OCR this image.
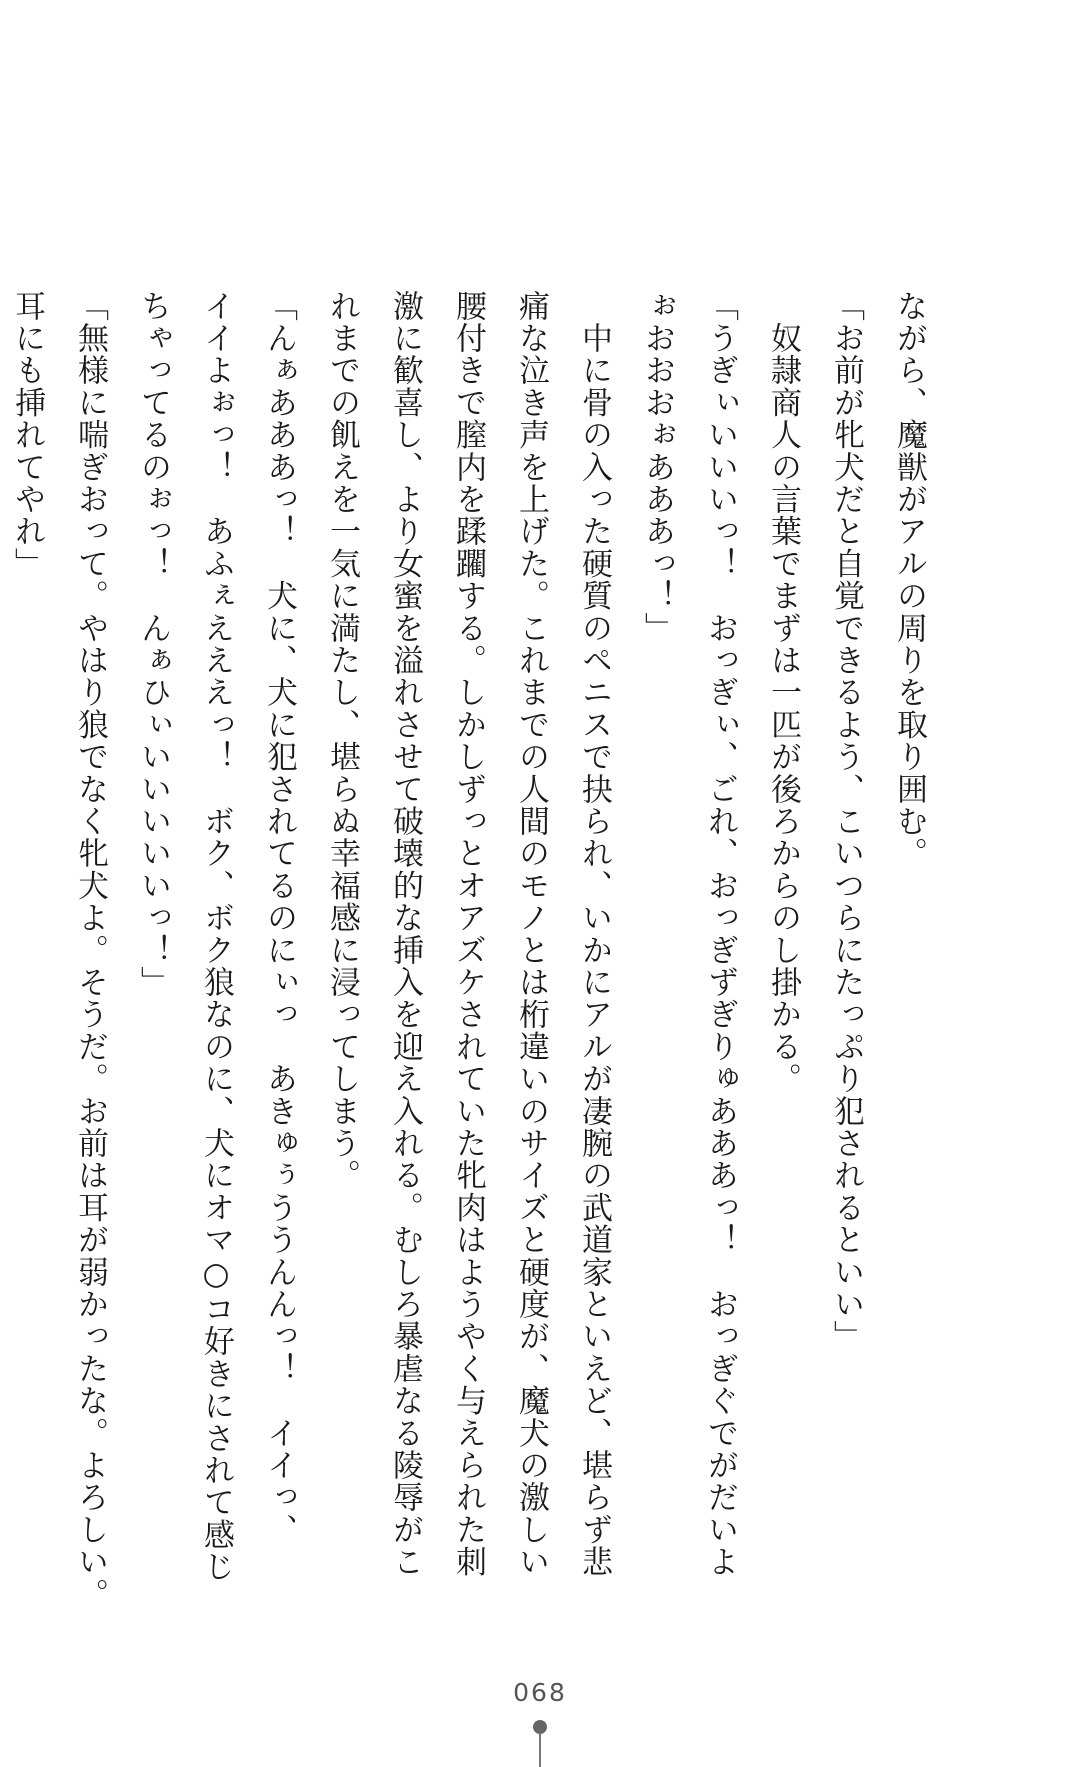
ながら、魔獣がアルの周りを取り囲む。
「お前が牝犬だと自覚できるよう、こいつらにたっぷり犯されるといい」
　奴隷商人の言葉でまずは一匹が後ろからのし掛かる。
「うぎぃいいいっ！　おっぎぃ、ごれ、おっぎずぎりゅあああっ！　おっぎぐでがだいよ
ぉおおおぉあああっ！」
　中に骨の入った硬質のペニスで抉られ、いかにアルが凄腕の武道家といえど、堪らず悲
痛な泣き声を上げた。これまでの人間のモノとは桁違いのサイズと硬度が、魔犬の激しい
腰付きで膣内を蹂躙する。しかしずっとオアズケされていた牝肉はようやく与えられた刺
激に歓喜し、より女蜜を溢れさせて破壊的な挿入を迎え入れる。むしろ暴虐なる陵辱がこ
れまでの飢えを一気に満たし、堪らぬ幸福感に浸ってしまう。
「んぁあああっ！　犬に、犬に犯されてるのにぃっ　あきゅぅううんんっ！　イイっ、
イイよぉっ！　あふぇえええっ！　ボク、ボク狼なのに、犬にオマ○コ好きにされて感じ
ちゃってるのぉっ！　んぁひぃいいいいいっ！」
「無様に喘ぎおって。やはり狼でなく牝犬よ。そうだ。お前は耳が弱かったな。よろしい。
耳にも挿れてやれ」
068
